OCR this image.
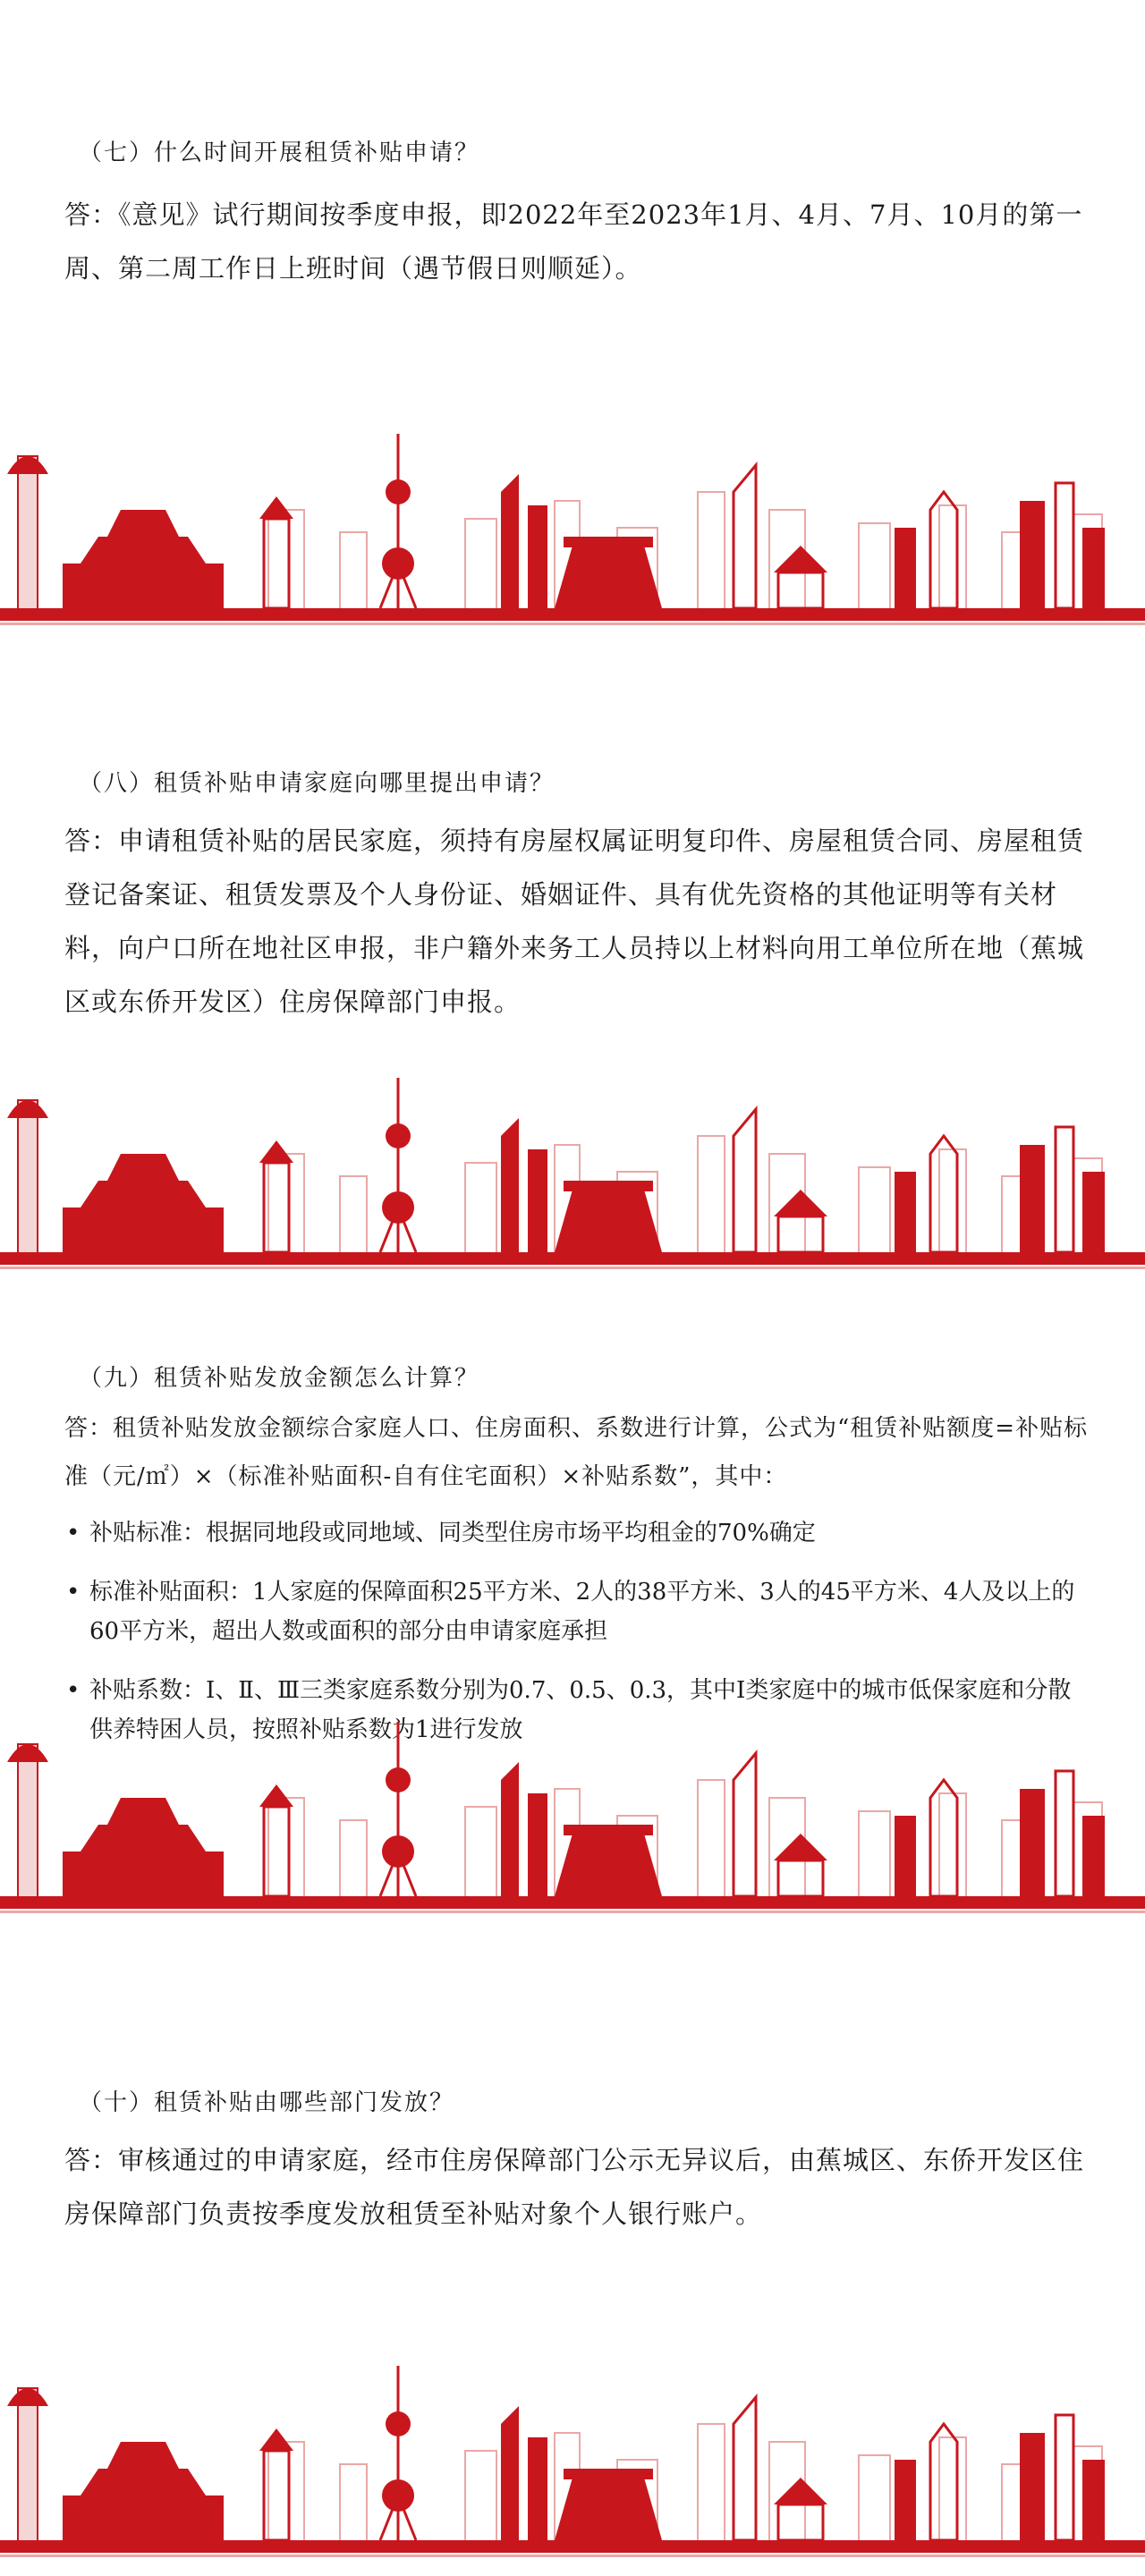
（七）什么时间开展租赁补贴申请？

答：《意见》试行期间按季度申报，即2022年至2023年1月、4月、7月、10月的第一周、第二周工作日上班时间（遇节假日则顺延）。

（八）租赁补贴申请家庭向哪里提出申请？

答：申请租赁补贴的居民家庭，须持有房屋权属证明复印件、房屋租赁合同、房屋租赁登记备案证、租赁发票及个人身份证、婚姻证件、具有优先资格的其他证明等有关材料，向户口所在地社区申报，非户籍外来务工人员持以上材料向用工单位所在地（蕉城区或东侨开发区）住房保障部门申报。

（九）租赁补贴发放金额怎么计算？

答：租赁补贴发放金额综合家庭人口、住房面积、系数进行计算，公式为“租赁补贴额度=补贴标准（元/㎡）×（标准补贴面积-自有住宅面积）×补贴系数”，其中：

• 补贴标准：根据同地段或同地域、同类型住房市场平均租金的70%确定
• 标准补贴面积：1人家庭的保障面积25平方米、2人的38平方米、3人的45平方米、4人及以上的60平方米，超出人数或面积的部分由申请家庭承担
• 补贴系数：Ⅰ、Ⅱ、Ⅲ三类家庭系数分别为0.7、0.5、0.3，其中Ⅰ类家庭中的城市低保家庭和分散供养特困人员，按照补贴系数为1进行发放
（十）租赁补贴由哪些部门发放？

答：审核通过的申请家庭，经市住房保障部门公示无异议后，由蕉城区、东侨开发区住房保障部门负责按季度发放租赁至补贴对象个人银行账户。
